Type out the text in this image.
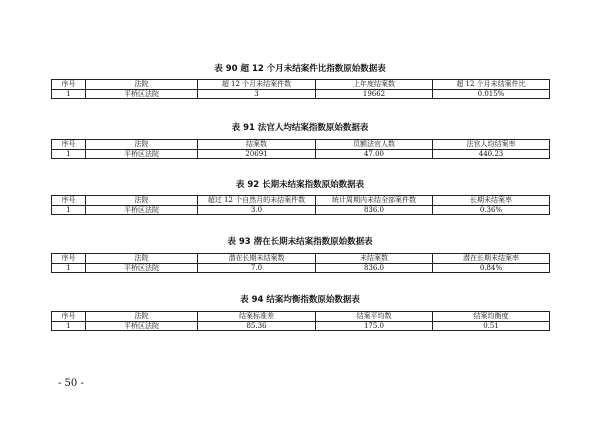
表 90 超 12 个月未结案件比指数原始数据表
序号	法院	超 12 个月未结案件数	上年度结案数	超 12 个月未结案件比
1	平桥区法院	3	19662	0.015%
表 91 法官人均结案指数原始数据表
序号	法院	结案数	员额法官人数	法官人均结案率
1	平桥区法院	20691	47.00	440.23
表 92 长期未结案指数原始数据表
序号	法院	超过 12 个自然月的未结案件数	统计周期内未结全部案件数	长期未结案率
1	平桥区法院	3.0	836.0	0.36%
表 93 潜在长期未结案指数原始数据表
序号	法院	潜在长期未结案数	未结案数	潜在长期未结案率
1	平桥区法院	7.0	836.0	0.84%
表 94 结案均衡指数原始数据表
序号	法院	结案标准差	结案平均数	结案均衡度
1	平桥区法院	85.36	175.0	0.51
- 50 -
